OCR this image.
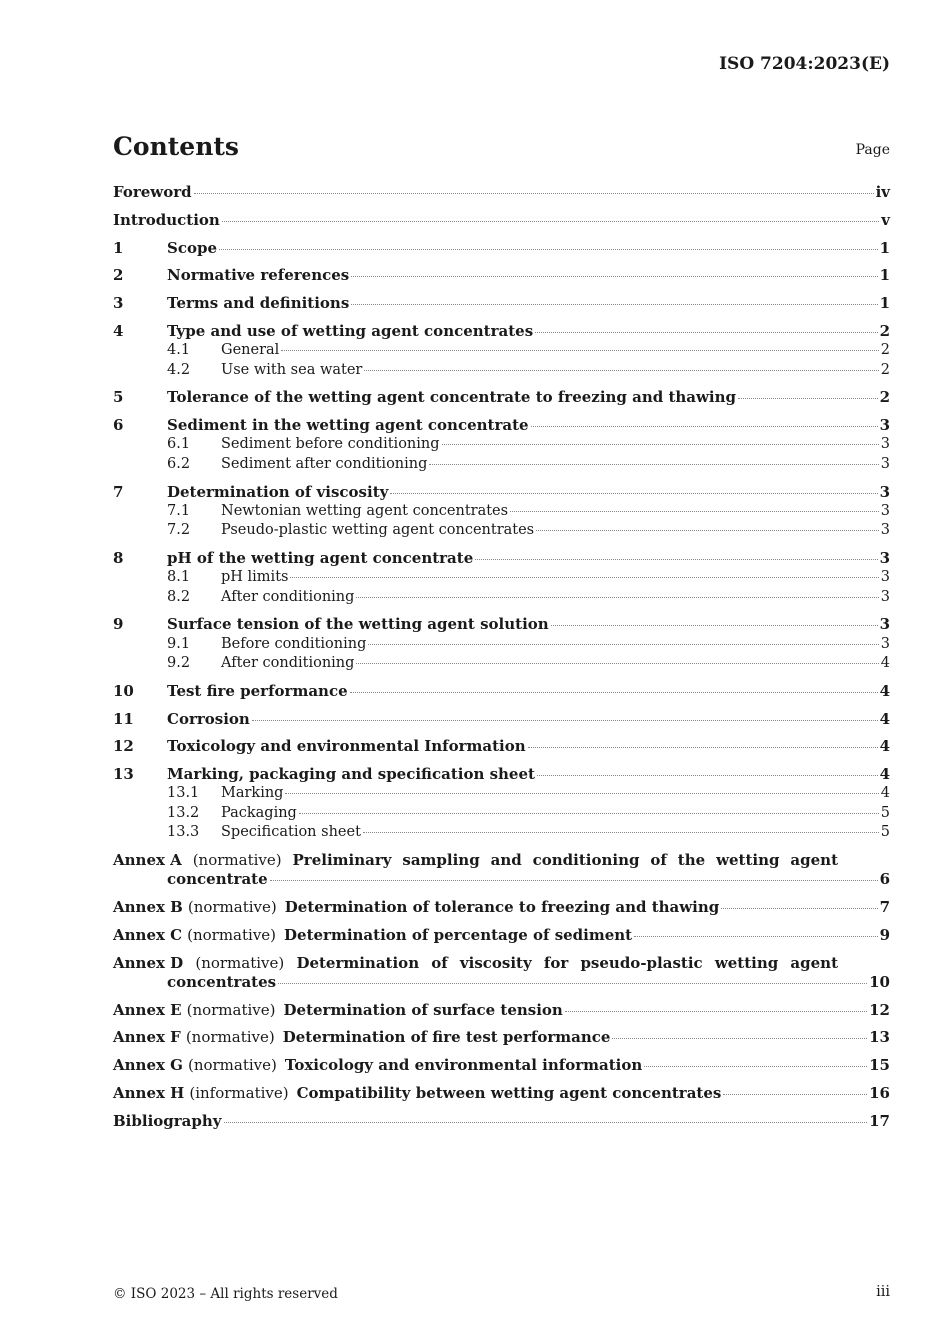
ISO 7204:2023(E)
Contents	Page
Foreword	iv
Introduction	v
1	Scope	1
2	Normative references	1
3	Terms and definitions	1
4	Type and use of wetting agent concentrates	2
4.1	General	2
4.2	Use with sea water	2
5	Tolerance of the wetting agent concentrate to freezing and thawing	2
6	Sediment in the wetting agent concentrate	3
6.1	Sediment before conditioning	3
6.2	Sediment after conditioning	3
7	Determination of viscosity	3
7.1	Newtonian wetting agent concentrates	3
7.2	Pseudo-plastic wetting agent concentrates	3
8	pH of the wetting agent concentrate	3
8.1	pH limits	3
8.2	After conditioning	3
9	Surface tension of the wetting agent solution	3
9.1	Before conditioning	3
9.2	After conditioning	4
10	Test fire performance	4
11	Corrosion	4
12	Toxicology and environmental Information	4
13	Marking, packaging and specification sheet	4
13.1	Marking	4
13.2	Packaging	5
13.3	Specification sheet	5
Annex A (normative) Preliminary sampling and conditioning of the wetting agent
concentrate	6
Annex B (normative) Determination of tolerance to freezing and thawing	7
Annex C (normative) Determination of percentage of sediment	9
Annex D (normative) Determination of viscosity for pseudo-plastic wetting agent
concentrates	10
Annex E (normative) Determination of surface tension	12
Annex F (normative) Determination of fire test performance	13
Annex G (normative) Toxicology and environmental information	15
Annex H (informative) Compatibility between wetting agent concentrates	16
Bibliography	17
© ISO 2023 – All rights reserved	iii
